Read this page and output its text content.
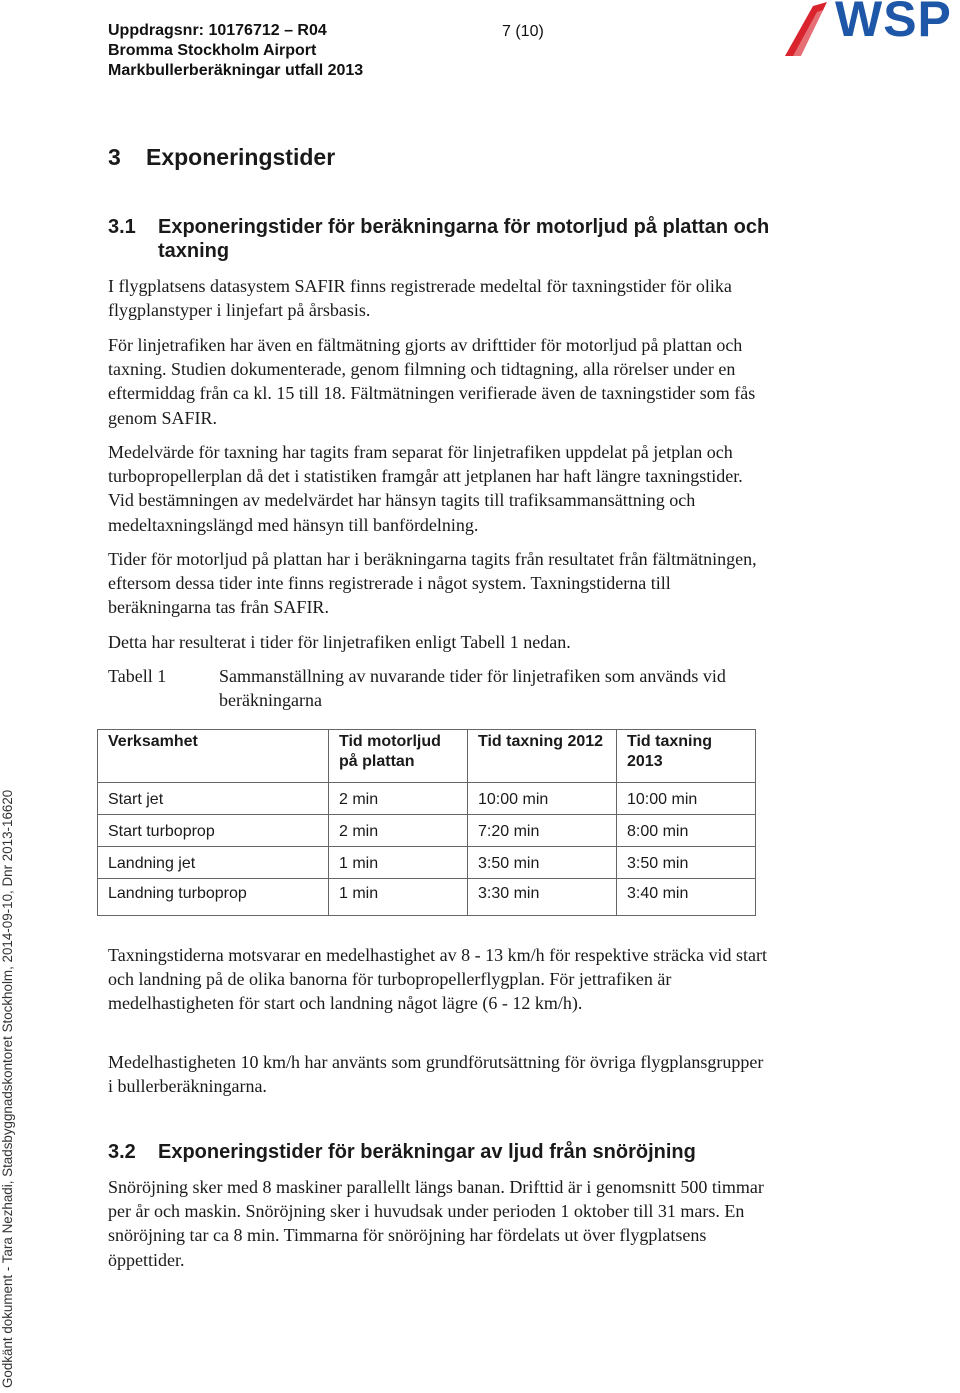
Uppdragsnr: 10176712 – R04
Bromma Stockholm Airport
Markbullerberäkningar utfall 2013
7 (10)	WSP
Godkänt dokument - Tara Nezhadi, Stadsbyggnadskontoret Stockholm, 2014-09-10, Dnr 2013-16620
3 Exponeringstider
3.1 Exponeringstider för beräkningarna för motorljud på plattan och taxning

I flygplatsens datasystem SAFIR finns registrerade medeltal för taxningstider för olika flygplanstyper i linjefart på årsbasis.

För linjetrafiken har även en fältmätning gjorts av drifttider för motorljud på plattan och taxning. Studien dokumenterade, genom filmning och tidtagning, alla rörelser under en eftermiddag från ca kl. 15 till 18. Fältmätningen verifierade även de taxningstider som fås genom SAFIR.

Medelvärde för taxning har tagits fram separat för linjetrafiken uppdelat på jetplan och turbopropellerplan då det i statistiken framgår att jetplanen har haft längre taxningstider. Vid bestämningen av medelvärdet har hänsyn tagits till trafiksammansättning och medeltaxningslängd med hänsyn till banfördelning.

Tider för motorljud på plattan har i beräkningarna tagits från resultatet från fältmätningen, eftersom dessa tider inte finns registrerade i något system. Taxningstiderna till beräkningarna tas från SAFIR.

Detta har resulterat i tider för linjetrafiken enligt Tabell 1 nedan.

Tabell 1	Sammanställning av nuvarande tider för linjetrafiken som används vid beräkningarna
Verksamhet	Tid motorljud på plattan	Tid taxning 2012	Tid taxning 2013
Start jet	2 min	10:00 min	10:00 min
Start turboprop	2 min	7:20 min	8:00 min
Landning jet	1 min	3:50 min	3:50 min
Landning turboprop	1 min	3:30 min	3:40 min

Taxningstiderna motsvarar en medelhastighet av 8 - 13 km/h för respektive sträcka vid start och landning på de olika banorna för turbopropellerflygplan. För jettrafiken är medelhastigheten för start och landning något lägre (6 - 12 km/h).

Medelhastigheten 10 km/h har använts som grundförutsättning för övriga flygplansgrupper i bullerberäkningarna.

3.2 Exponeringstider för beräkningar av ljud från snöröjning

Snöröjning sker med 8 maskiner parallellt längs banan. Drifttid är i genomsnitt 500 timmar per år och maskin. Snöröjning sker i huvudsak under perioden 1 oktober till 31 mars. En snöröjning tar ca 8 min. Timmarna för snöröjning har fördelats ut över flygplatsens öppettider.
